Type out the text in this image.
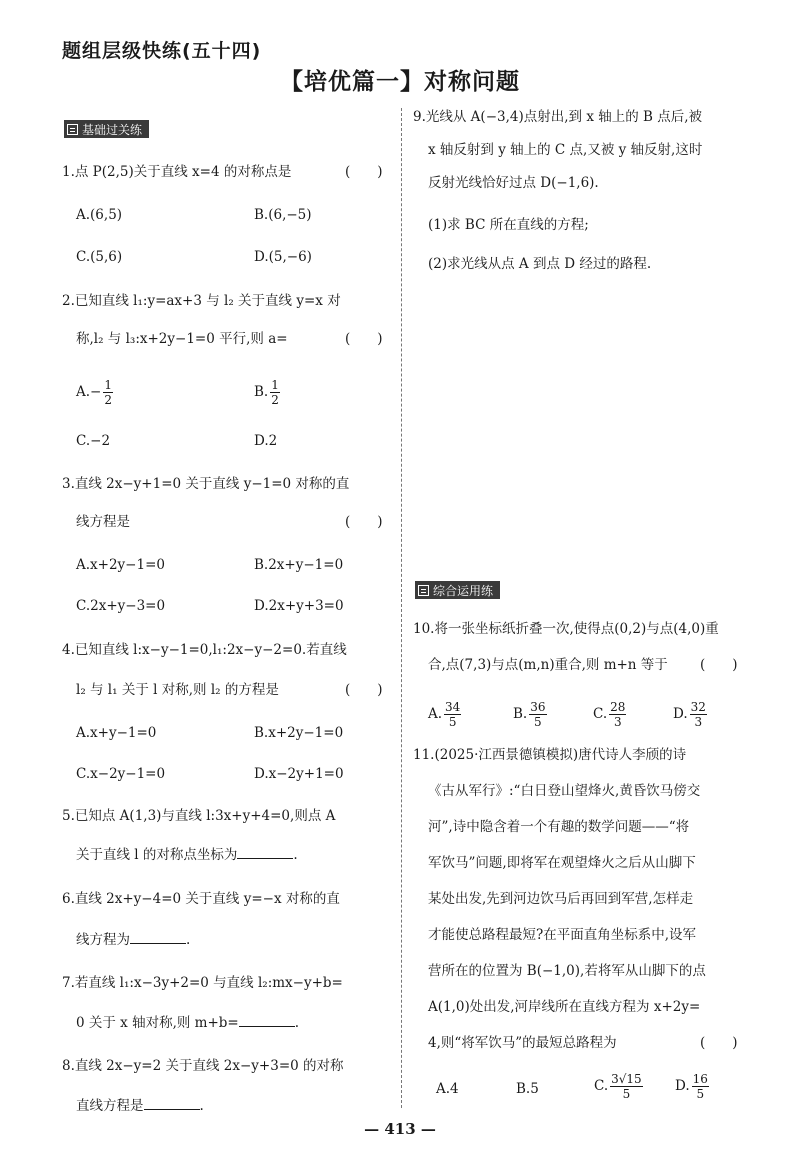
题组层级快练(五十四)
【培优篇一】对称问题
基础过关练
1.点 P(2,5)关于直线 x=4 的对称点是	(　　)
A.(6,5)	B.(6,−5)
C.(5,6)	D.(5,−6)
2.已知直线 l₁:y=ax+3 与 l₂ 关于直线 y=x 对
称,l₂ 与 l₃:x+2y−1=0 平行,则 a=	(　　)
$A.- \frac{1}{2}$	B. $\frac{1}{2}$
C.−2	D.2
3.直线 2x−y+1=0 关于直线 y−1=0 对称的直
线方程是	(　　)
A.x+2y−1=0	B.2x+y−1=0
C.2x+y−3=0	D.2x+y+3=0
4.已知直线 l:x−y−1=0,l₁:2x−y−2=0.若直线
l₂ 与 l₁ 关于 l 对称,则 l₂ 的方程是	(　　)
A.x+y−1=0	B.x+2y−1=0
C.x−2y−1=0	D.x−2y+1=0
5.已知点 A(1,3)与直线 l:3x+y+4=0,则点 A
关于直线 l 的对称点坐标为	.
6.直线 2x+y−4=0 关于直线 y=−x 对称的直
线方程为	.
7.若直线 l₁:x−3y+2=0 与直线 l₂:mx−y+b=
0 关于 x 轴对称,则 m+b=	.
8.直线 2x−y=2 关于直线 2x−y+3=0 的对称
直线方程是	.
9.光线从 A(−3,4)点射出,到 x 轴上的 B 点后,被
x 轴反射到 y 轴上的 C 点,又被 y 轴反射,这时
反射光线恰好过点 D(−1,6).
(1)求 BC 所在直线的方程;
(2)求光线从点 A 到点 D 经过的路程.
综合运用练
10.将一张坐标纸折叠一次,使得点(0,2)与点(4,0)重
合,点(7,3)与点(m,n)重合,则 m+n 等于 (　　)
A. $\frac{34}{5}$	B. $\frac{36}{5}$	C. $\frac{28}{3}$	D. $\frac{32}{3}$
11.(2025·江西景德镇模拟)唐代诗人李颀的诗
《古从军行》:“白日登山望烽火,黄昏饮马傍交
河”,诗中隐含着一个有趣的数学问题——“将
军饮马”问题,即将军在观望烽火之后从山脚下
某处出发,先到河边饮马后再回到军营,怎样走
才能使总路程最短?在平面直角坐标系中,设军
营所在的位置为 B(−1,0),若将军从山脚下的点
A(1,0)处出发,河岸线所在直线方程为 x+2y=
4,则“将军饮马”的最短总路程为	(　　)
A.4	B.5	C. $\frac{3√15}{5} D$. $\frac{16}{5}$
— 413 —
